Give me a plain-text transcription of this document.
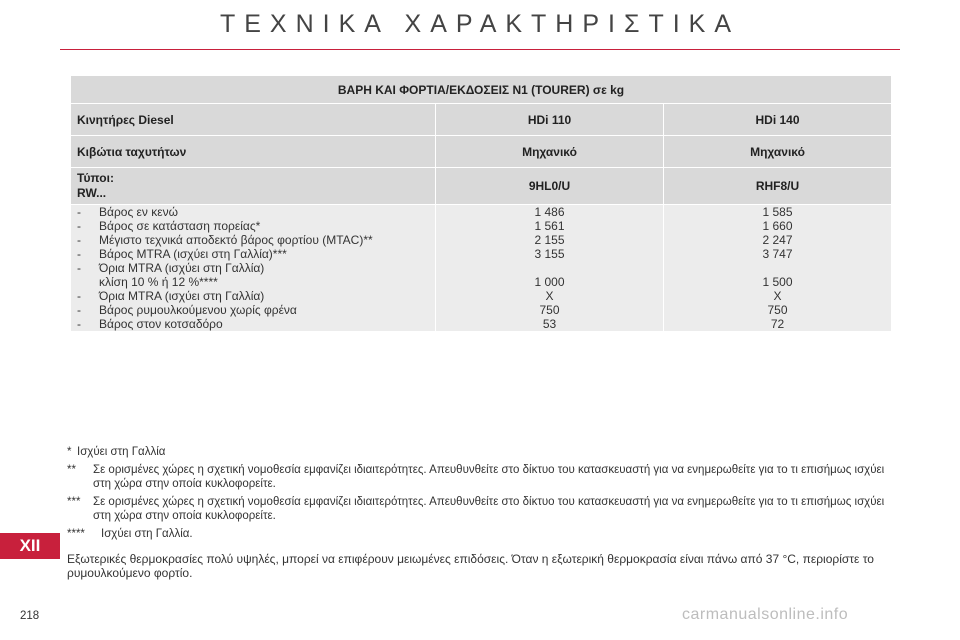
ΤΕΧΝΙΚΑ ΧΑΡΑΚΤΗΡΙΣΤΙΚΑ
ΒΑΡΗ ΚΑΙ ΦΟΡΤΙΑ/ΕΚΔΟΣΕΙΣ Ν1 (TOURER) σε kg		
Κινητήρες Diesel	HDi 110	HDi 140
Κιβώτια ταχυτήτων	Μηχανικό	Μηχανικό

Τύποι:
RW...	9HL0/U	RHF8/U
- Βάρος εν κενώ	1 486	1 585
- Βάρος σε κατάσταση πορείας*	1 561	1 660
- Μέγιστο τεχνικά αποδεκτό βάρος φορτίου (MTAC)**	2 155	2 247
- Βάρος MTRA (ισχύει στη Γαλλία)***	3 155	3 747
- Όρια MTRA (ισχύει στη Γαλλία)		
κλίση 10 % ή 12 %****	1 000	1 500
- Όρια MTRA (ισχύει στη Γαλλία)	X	X
- Βάρος ρυμουλκούμενου χωρίς φρένα	750	750
- Βάρος στον κοτσαδόρο	53	72
* Ισχύει στη Γαλλία
** Σε ορισμένες χώρες η σχετική νομοθεσία εμφανίζει ιδιαιτερότητες. Απευθυνθείτε στο δίκτυο του κατασκευαστή για να ενημερωθείτε για το τι επισήμως ισχύει στη χώρα στην οποία κυκλοφορείτε.
*** Σε ορισμένες χώρες η σχετική νομοθεσία εμφανίζει ιδιαιτερότητες. Απευθυνθείτε στο δίκτυο του κατασκευαστή για να ενημερωθείτε για το τι επισήμως ισχύει στη χώρα στην οποία κυκλοφορείτε.
**** Ισχύει στη Γαλλία.
Εξωτερικές θερμοκρασίες πολύ υψηλές, μπορεί να επιφέρουν μειωμένες επιδόσεις. Όταν η εξωτερική θερμοκρασία είναι πάνω από 37 °C, περιορίστε το ρυμουλκούμενο φορτίο.
XII
218	carmanualsonline.info
